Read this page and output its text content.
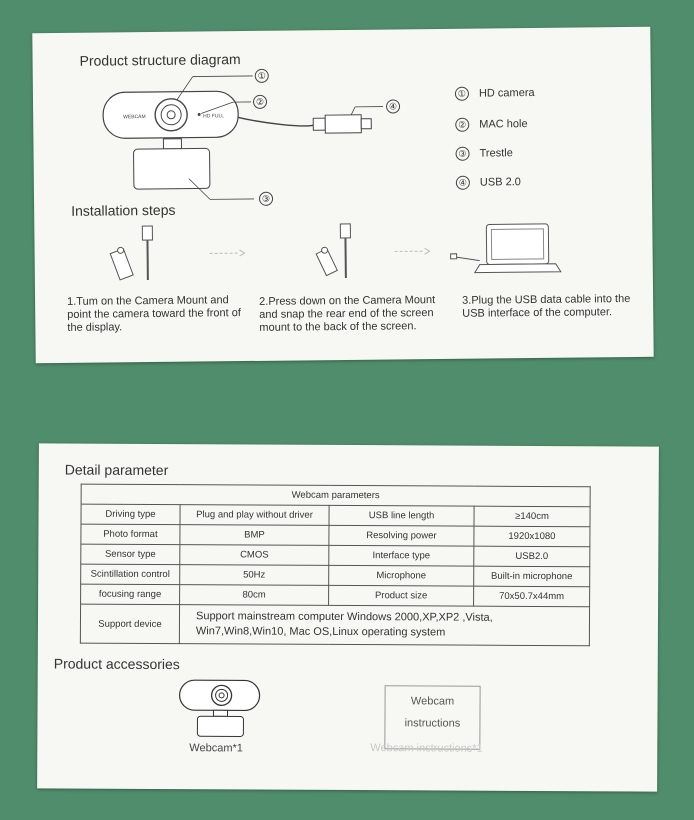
Product structure diagram
WEBCAM	HD FULL
①
②
③
④
① HD camera
② MAC hole
③ Trestle
④ USB 2.0
Installation steps
1.Tum on the Camera Mount and point the camera toward the front of the display.
2.Press down on the Camera Mount and snap the rear end of the screen mount to the back of the screen.
3.Plug the USB data cable into the USB interface of the computer.
Detail parameter
Webcam parameters			
Driving type	Plug and play without driver	USB line length	≥140cm
Photo format	BMP	Resolving power	1920x1080
Sensor type	CMOS	Interface type	USB2.0
Scintillation control	50Hz	Microphone	Built-in microphone
focusing range	80cm	Product size	70x50.7x44mm
Support device	Support mainstream computer Windows 2000,XP,XP2 ,Vista, Win7,Win8,Win10, Mac OS,Linux operating system		
Product accessories
Webcam*1
Webcam
instructions
Webcam instructions*1
